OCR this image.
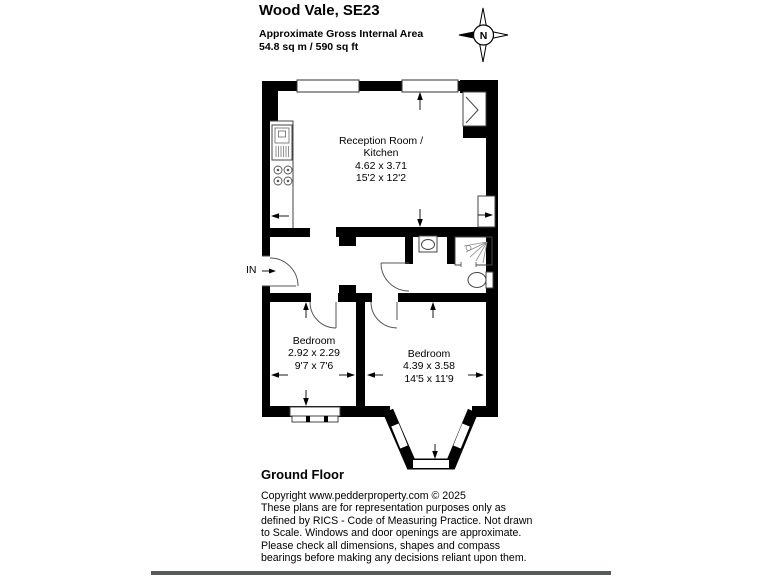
N
Wood Vale, SE23
Approximate Gross Internal Area
54.8 sq m / 590 sq ft
Reception Room /
Kitchen
4.62 x 3.71
15'2 x 12'2
Bedroom
2.92 x 2.29
9'7 x 7'6
Bedroom
4.39 x 3.58
14'5 x 11'9
IN
Ground Floor
Copyright www.pedderproperty.com © 2025
These plans are for representation purposes only as
defined by RICS - Code of Measuring Practice. Not drawn
to Scale. Windows and door openings are approximate.
Please check all dimensions, shapes and compass
bearings before making any decisions reliant upon them.
